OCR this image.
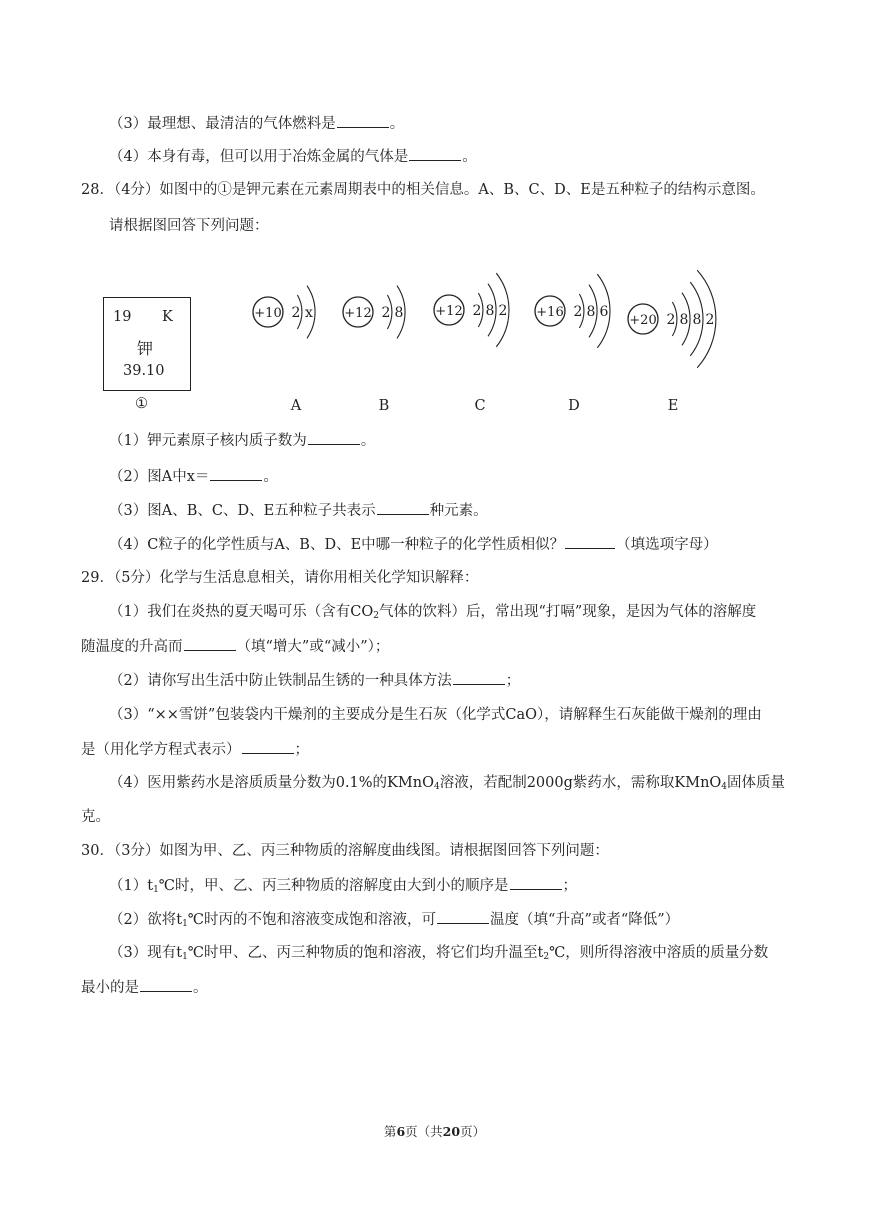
（3）最理想、最清洁的气体燃料是	。
（4）本身有毒，但可以用于冶炼金属的气体是	。
28．（4分）如图中的①是钾元素在元素周期表中的相关信息。A、B、C、D、E是五种粒子的结构示意图。
请根据图回答下列问题：
19 K
钾
39.10
①
+10 2 x
A
+12 2 8
B
+12 2 8 2
C
+16 2 8 6
D
+20 2 8 8 2
E
（1）钾元素原子核内质子数为	。
（2）图A中x＝	。
（3）图A、B、C、D、E五种粒子共表示	种元素。
（4）C粒子的化学性质与A、B、D、E中哪一种粒子的化学性质相似？	（填选项字母）
29．（5分）化学与生活息息相关，请你用相关化学知识解释：
（1）我们在炎热的夏天喝可乐（含有$CO_2$气体的饮料）后，常出现“打嗝”现象，是因为气体的溶解度
随温度的升高而	（填“增大”或“减小”）；
（2）请你写出生活中防止铁制品生锈的一种具体方法	；
（3）“××雪饼”包装袋内干燥剂的主要成分是生石灰（化学式CaO），请解释生石灰能做干燥剂的理由
是（用化学方程式表示）	；
（4）医用紫药水是溶质质量分数为0.1%的KMnO$_4$溶液，若配制2000g紫药水，需称取KMnO$_4$固体质量
克。
30．（3分）如图为甲、乙、丙三种物质的溶解度曲线图。请根据图回答下列问题：
$(1)t_1℃$时，甲、乙、丙三种物质的溶解度由大到小的顺序是	；
（2）欲将$t_1℃$时丙的不饱和溶液变成饱和溶液，可	温度（填“升高”或者“降低”）
（3）现有$t_1℃$时甲、乙、丙三种物质的饱和溶液，将它们均升温至$t_2℃$，则所得溶液中溶质的质量分数
最小的是	。
第6页（共20页）
